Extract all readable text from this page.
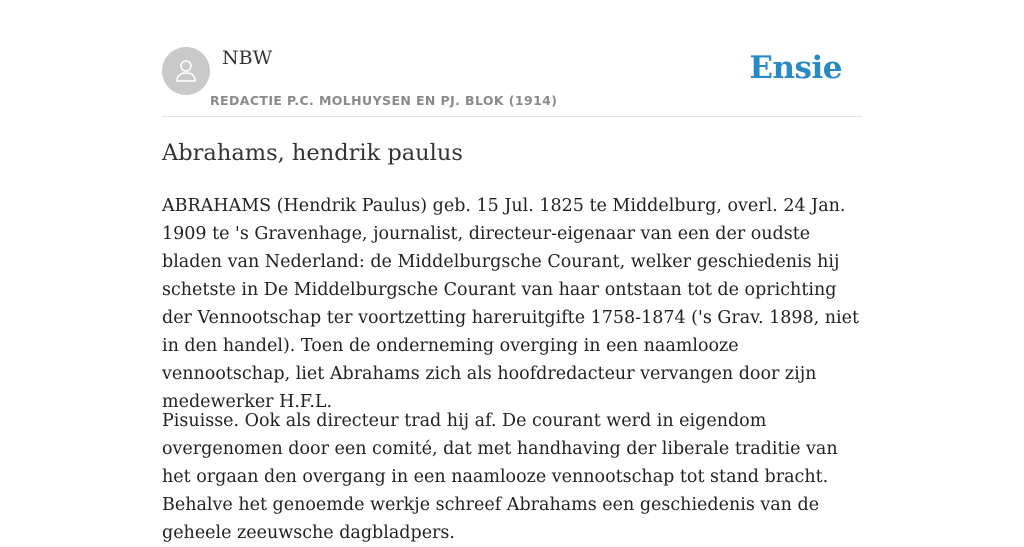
NBW
REDACTIE P.C. MOLHUYSEN EN PJ. BLOK (1914)
Ensie
Abrahams, hendrik paulus

ABRAHAMS (Hendrik Paulus) geb. 15 Jul. 1825 te Middelburg, overl. 24 Jan. 1909 te 's Gravenhage, journalist, directeur-eigenaar van een der oudste bladen van Nederland: de Middelburgsche Courant, welker geschiedenis hij schetste in De Middelburgsche Courant van haar ontstaan tot de oprichting der Vennootschap ter voortzetting hareruitgifte 1758-1874 ('s Grav. 1898, niet in den handel). Toen de onderneming overging in een naamlooze vennootschap, liet Abrahams zich als hoofdredacteur vervangen door zijn medewerker H.F.L.

Pisuisse. Ook als directeur trad hij af. De courant werd in eigendom overgenomen door een comité, dat met handhaving der liberale traditie van het orgaan den overgang in een naamlooze vennootschap tot stand bracht. Behalve het genoemde werkje schreef Abrahams een geschiedenis van de geheele zeeuwsche dagbladpers.
